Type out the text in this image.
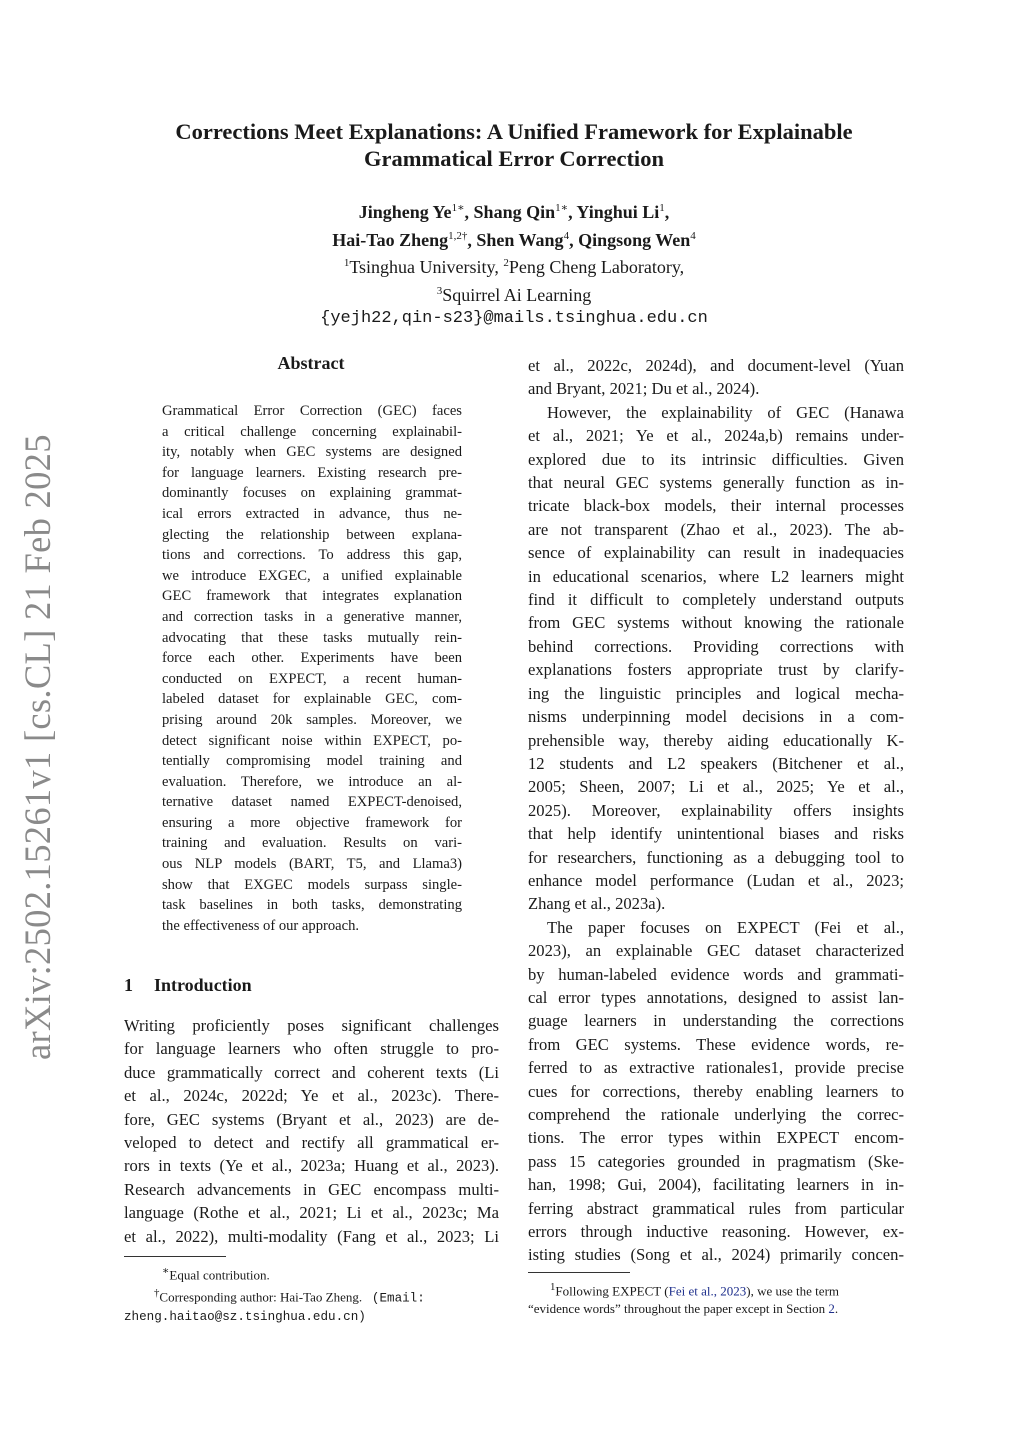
Corrections Meet Explanations: A Unified Framework for Explainable
Grammatical Error Correction
Jingheng $Ye^{1∗}$, Shang Qin$^{1∗}$, Yinghui Li$^1$,
Hai-Tao Zheng$^{1,2\dagger}$, Shen Wang$^4$, Qingsong Wen$^4$
$^1$Tsinghua University, $^2$Peng Cheng Laboratory,
$^3$Squirrel Ai Learning
{yejh22,qin-s23}@mails.tsinghua.edu.cn
arXiv:2502.15261v1 [cs.CL] 21 Feb 2025
Abstract
Grammatical Error Correction (GEC) faces
a critical challenge concerning explainabil-
ity, notably when GEC systems are designed
for language learners. Existing research pre-
dominantly focuses on explaining grammat-
ical errors extracted in advance, thus ne-
glecting the relationship between explana-
tions and corrections. To address this gap,
we introduce EXGEC, a unified explainable
GEC framework that integrates explanation
and correction tasks in a generative manner,
advocating that these tasks mutually rein-
force each other. Experiments have been
conducted on EXPECT, a recent human-
labeled dataset for explainable GEC, com-
prising around 20k samples. Moreover, we
detect significant noise within EXPECT, po-
tentially compromising model training and
evaluation. Therefore, we introduce an al-
ternative dataset named EXPECT-denoised,
ensuring a more objective framework for
training and evaluation. Results on vari-
ous NLP models (BART, T5, and Llama3)
show that EXGEC models surpass single-
task baselines in both tasks, demonstrating
the effectiveness of our approach.
1 Introduction
Writing proficiently poses significant challenges
for language learners who often struggle to pro-
duce grammatically correct and coherent texts (Li
et al., 2024c, 2022d; Ye et al., 2023c). There-
fore, GEC systems (Bryant et al., 2023) are de-
veloped to detect and rectify all grammatical er-
rors in texts (Ye et al., 2023a; Huang et al., 2023).
Research advancements in GEC encompass multi-
language (Rothe et al., 2021; Li et al., 2023c; Ma
et al., 2022), multi-modality (Fang et al., 2023; Li
∗Equal contribution.
†Corresponding author: Hai-Tao Zheng.   (Email:
zheng.haitao@sz.tsinghua.edu.cn)
et al., 2022c, 2024d), and document-level (Yuan
and Bryant, 2021; Du et al., 2024).
However, the explainability of GEC (Hanawa
et al., 2021; Ye et al., 2024a,b) remains under-
explored due to its intrinsic difficulties. Given
that neural GEC systems generally function as in-
tricate black-box models, their internal processes
are not transparent (Zhao et al., 2023). The ab-
sence of explainability can result in inadequacies
in educational scenarios, where L2 learners might
find it difficult to completely understand outputs
from GEC systems without knowing the rationale
behind corrections. Providing corrections with
explanations fosters appropriate trust by clarify-
ing the linguistic principles and logical mecha-
nisms underpinning model decisions in a com-
prehensible way, thereby aiding educationally K-
12 students and L2 speakers (Bitchener et al.,
2005; Sheen, 2007; Li et al., 2025; Ye et al.,
2025). Moreover, explainability offers insights
that help identify unintentional biases and risks
for researchers, functioning as a debugging tool to
enhance model performance (Ludan et al., 2023;
Zhang et al., 2023a).
The paper focuses on EXPECT (Fei et al.,
2023), an explainable GEC dataset characterized
by human-labeled evidence words and grammati-
cal error types annotations, designed to assist lan-
guage learners in understanding the corrections
from GEC systems. These evidence words, re-
ferred to as extractive rationales1, provide precise
cues for corrections, thereby enabling learners to
comprehend the rationale underlying the correc-
tions. The error types within EXPECT encom-
pass 15 categories grounded in pragmatism (Ske-
han, 1998; Gui, 2004), facilitating learners in in-
ferring abstract grammatical rules from particular
errors through inductive reasoning. However, ex-
isting studies (Song et al., 2024) primarily concen-
$^1$Following EXPECT (Fei et al., 2023), we use the term
“evidence words” throughout the paper except in Section 2.
